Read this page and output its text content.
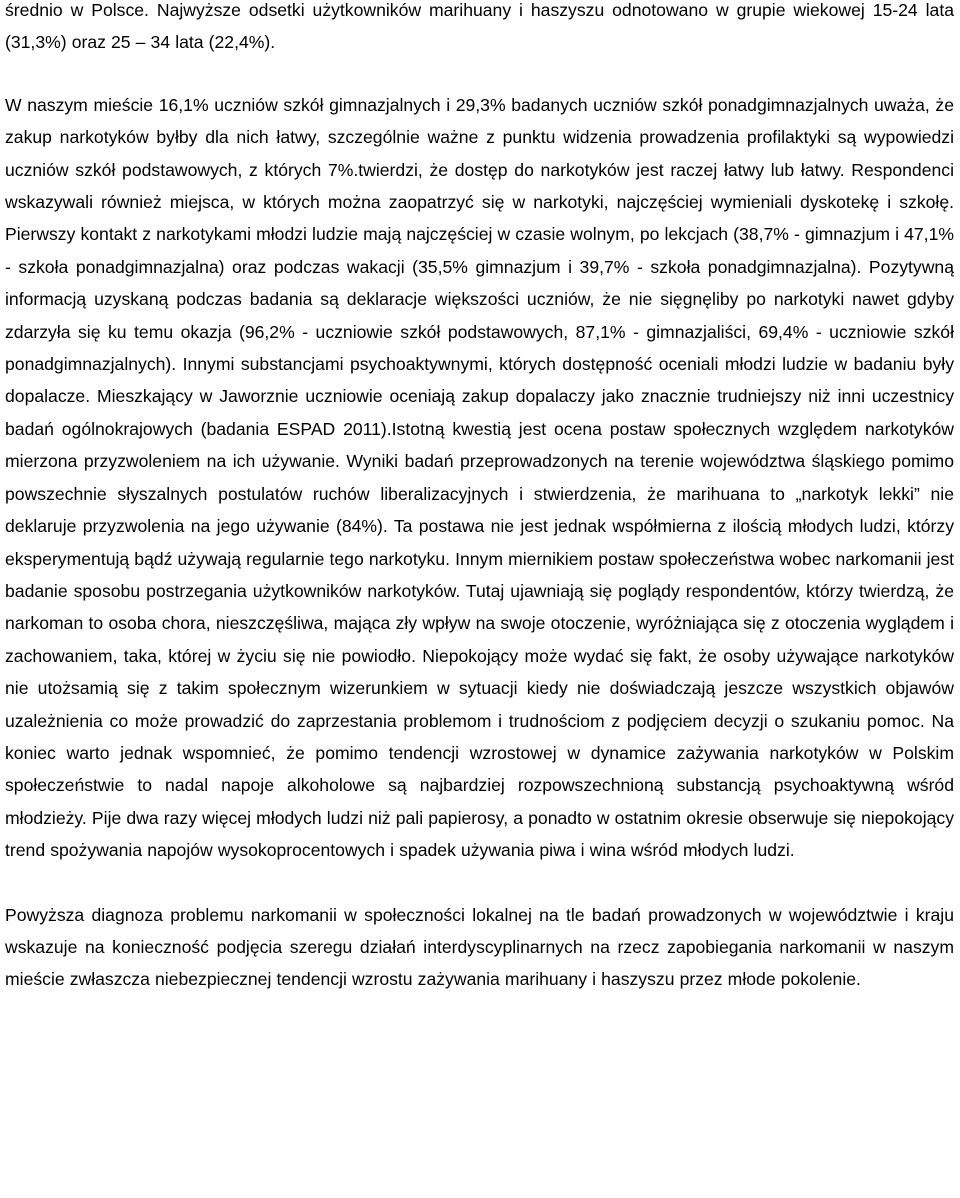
średnio w Polsce. Najwyższe odsetki użytkowników marihuany i haszyszu odnotowano w grupie wiekowej 15-24 lata (31,3%) oraz 25 – 34 lata (22,4%).

W naszym mieście 16,1% uczniów szkół gimnazjalnych i 29,3% badanych uczniów szkół ponadgimnazjalnych uważa, że zakup narkotyków byłby dla nich łatwy, szczególnie ważne z punktu widzenia prowadzenia profilaktyki są wypowiedzi uczniów szkół podstawowych, z których 7%.twierdzi, że dostęp do narkotyków jest raczej łatwy lub łatwy. Respondenci wskazywali również miejsca, w których można zaopatrzyć się w narkotyki, najczęściej wymieniali dyskotekę i szkołę. Pierwszy kontakt z narkotykami młodzi ludzie mają najczęściej w czasie wolnym, po lekcjach (38,7% - gimnazjum i 47,1% - szkoła ponadgimnazjalna) oraz podczas wakacji (35,5% gimnazjum i 39,7% - szkoła ponadgimnazjalna). Pozytywną informacją uzyskaną podczas badania są deklaracje większości uczniów, że nie sięgnęliby po narkotyki nawet gdyby zdarzyła się ku temu okazja (96,2% - uczniowie szkół podstawowych, 87,1% - gimnazjaliści, 69,4% - uczniowie szkół ponadgimnazjalnych). Innymi substancjami psychoaktywnymi, których dostępność oceniali młodzi ludzie w badaniu były dopalacze. Mieszkający w Jaworznie uczniowie oceniają zakup dopalaczy jako znacznie trudniejszy niż inni uczestnicy badań ogólnokrajowych (badania ESPAD 2011).Istotną kwestią jest ocena postaw społecznych względem narkotyków mierzona przyzwoleniem na ich używanie. Wyniki badań przeprowadzonych na terenie województwa śląskiego pomimo powszechnie słyszalnych postulatów ruchów liberalizacyjnych i stwierdzenia, że marihuana to „narkotyk lekki” nie deklaruje przyzwolenia na jego używanie (84%). Ta postawa nie jest jednak współmierna z ilością młodych ludzi, którzy eksperymentują bądź używają regularnie tego narkotyku. Innym miernikiem postaw społeczeństwa wobec narkomanii jest badanie sposobu postrzegania użytkowników narkotyków. Tutaj ujawniają się poglądy respondentów, którzy twierdzą, że narkoman to osoba chora, nieszczęśliwa, mająca zły wpływ na swoje otoczenie, wyróżniająca się z otoczenia wyglądem i zachowaniem, taka, której w życiu się nie powiodło. Niepokojący może wydać się fakt, że osoby używające narkotyków nie utożsamią się z takim społecznym wizerunkiem w sytuacji kiedy nie doświadczają jeszcze wszystkich objawów uzależnienia co może prowadzić do zaprzestania problemom i trudnościom z podjęciem decyzji o szukaniu pomoc. Na koniec warto jednak wspomnieć, że pomimo tendencji wzrostowej w dynamice zażywania narkotyków w Polskim społeczeństwie to nadal napoje alkoholowe są najbardziej rozpowszechnioną substancją psychoaktywną wśród młodzieży. Pije dwa razy więcej młodych ludzi niż pali papierosy, a ponadto w ostatnim okresie obserwuje się niepokojący trend spożywania napojów wysokoprocentowych i spadek używania piwa i wina wśród młodych ludzi.

Powyższa diagnoza problemu narkomanii w społeczności lokalnej na tle badań prowadzonych w województwie i kraju wskazuje na konieczność podjęcia szeregu działań interdyscyplinarnych na rzecz zapobiegania narkomanii w naszym mieście zwłaszcza niebezpiecznej tendencji wzrostu zażywania marihuany i haszyszu przez młode pokolenie.
